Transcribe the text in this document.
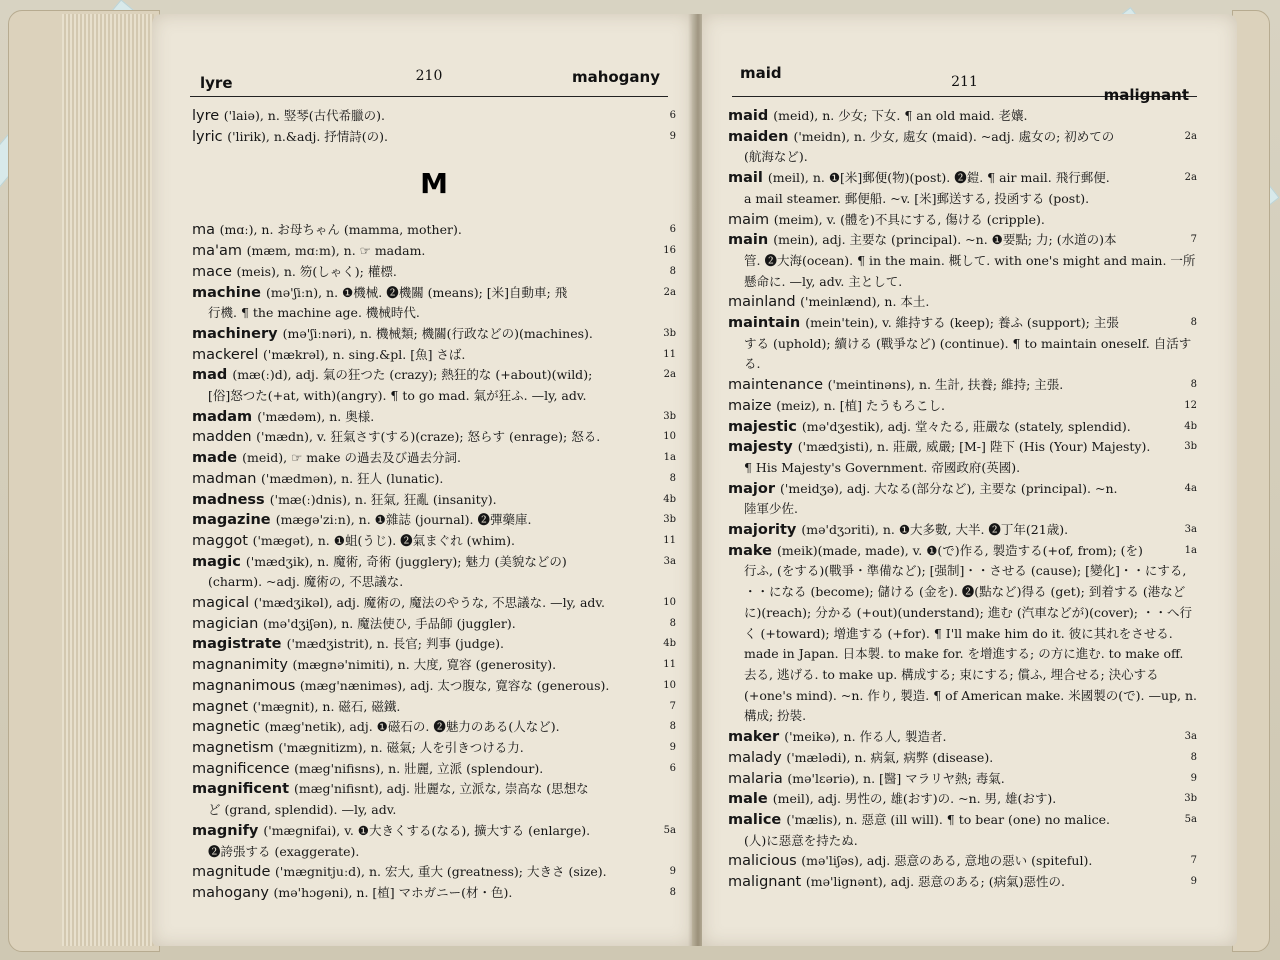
lyre	210	mahogany
lyre ('laiə), n. 竪琴(古代希臘の).	6
lyric ('lirik), n.&adj. 抒情詩(の).	9
M
ma (mɑː), n. お母ちゃん (mamma, mother).	6
ma'am (mæm, mɑːm), n. ☞ madam.	16
mace (meis), n. 笏(しゃく); 權標.	8
machine (mə'ʃiːn), n. ❶機械. ❷機關 (means); [米]自動車; 飛	2a
行機. ¶ the machine age. 機械時代.
machinery (mə'ʃiːnəri), n. 機械類; 機關(行政などの)(machines).	3b
mackerel ('mækrəl), n. sing.&pl. [魚] さば.	11
mad (mæ(ː)d), adj. 氣の狂つた (crazy); 熱狂的な (+about)(wild);	2a
[俗]怒つた(+at, with)(angry). ¶ to go mad. 氣が狂ふ. —ly, adv.
madam ('mædəm), n. 奥様.	3b
madden ('mædn), v. 狂氣さす(する)(craze); 怒らす (enrage); 怒る.	10
made (meid), ☞ make の過去及び過去分詞.	1a
madman ('mædmən), n. 狂人 (lunatic).	8
madness ('mæ(ː)dnis), n. 狂氣, 狂亂 (insanity).	4b
magazine (mægə'ziːn), n. ❶雜誌 (journal). ❷彈藥庫.	3b
maggot ('mægət), n. ❶蛆(うじ). ❷氣まぐれ (whim).	11
magic ('mædʒik), n. 魔術, 奇術 (jugglery); 魅力 (美貌などの)	3a
(charm). ~adj. 魔術の, 不思議な.
magical ('mædʒikəl), adj. 魔術の, 魔法のやうな, 不思議な. —ly, adv.	10
magician (mə'dʒiʃən), n. 魔法使ひ, 手品師 (juggler).	8
magistrate ('mædʒistrit), n. 長官; 判事 (judge).	4b
magnanimity (mægnə'nimiti), n. 大度, 寛容 (generosity).	11
magnanimous (mæg'næniməs), adj. 太つ腹な, 寛容な (generous).	10
magnet ('mægnit), n. 磁石, 磁鐵.	7
magnetic (mæg'netik), adj. ❶磁石の. ❷魅力のある(人など).	8
magnetism ('mægnitizm), n. 磁氣; 人を引きつける力.	9
magnificence (mæg'nifisns), n. 壯麗, 立派 (splendour).	6
magnificent (mæg'nifisnt), adj. 壯麗な, 立派な, 崇高な (思想な
ど (grand, splendid). —ly, adv.
magnify ('mægnifai), v. ❶大きくする(なる), 擴大する (enlarge).	5a
❷誇張する (exaggerate).
magnitude ('mægnitjuːd), n. 宏大, 重大 (greatness); 大きさ (size).	9
mahogany (mə'hɔgəni), n. [植] マホガニー(材・色).	8
maid	211
malignant
maid (meid), n. 少女; 下女. ¶ an old maid. 老孃.
maiden ('meidn), n. 少女, 處女 (maid). ~adj. 處女の; 初めての	2a
(航海など).
mail (meil), n. ❶[米]郵便(物)(post). ❷鎧. ¶ air mail. 飛行郵便.	2a
a mail steamer. 郵便船. ~v. [米]郵送する, 投函する (post).
maim (meim), v. (體を)不具にする, 傷ける (cripple).
main (mein), adj. 主要な (principal). ~n. ❶要點; 力; (水道の)本	7
管. ❷大海(ocean). ¶ in the main. 概して. with one's might and main. 一所懸命に. —ly, adv. 主として.
mainland ('meinlænd), n. 本土.
maintain (mein'tein), v. 維持する (keep); 養ふ (support); 主張	8
する (uphold); 續ける (戰爭など) (continue). ¶ to maintain oneself. 自活する.
maintenance ('meintinəns), n. 生計, 扶養; 維持; 主張.	8
maize (meiz), n. [植] たうもろこし.	12
majestic (mə'dʒestik), adj. 堂々たる, 莊嚴な (stately, splendid).	4b
majesty ('mædʒisti), n. 莊嚴, 威嚴; [M-] 陛下 (His (Your) Majesty).	3b
¶ His Majesty's Government. 帝國政府(英國).
major ('meidʒə), adj. 大なる(部分など), 主要な (principal). ~n.	4a
陸軍少佐.
majority (mə'dʒɔriti), n. ❶大多數, 大半. ❷丁年(21歳).	3a
make (meik)(made, made), v. ❶(で)作る, 製造する(+of, from); (を)	1a
行ふ, (をする)(戰爭・準備など); [强制]・・させる (cause); [變化]・・にする, ・・になる (become); 儲ける (金を). ❷(點など)得る (get); 到着する (港などに)(reach); 分かる (+out)(understand); 進む (汽車などが)(cover); ・・へ行く (+toward); 增進する (+for). ¶ I'll make him do it. 彼に其れをさせる. made in Japan. 日本製. to make for. を增進する; の方に進む. to make off. 去る, 逃げる. to make up. 構成する; 束にする; 償ふ, 埋合せる; 決心する (+one's mind). ~n. 作り, 製造. ¶ of American make. 米國製の(で). —up, n. 構成; 扮裝.
maker ('meikə), n. 作る人, 製造者.	3a
malady ('mælədi), n. 病氣, 病弊 (disease).	8
malaria (mə'lɛəriə), n. [醫] マラリヤ熱; 毒氣.	9
male (meil), adj. 男性の, 雄(おす)の. ~n. 男, 雄(おす).	3b
malice ('mælis), n. 惡意 (ill will). ¶ to bear (one) no malice.	5a
(人)に惡意を持たぬ.
malicious (mə'liʃəs), adj. 惡意のある, 意地の惡い (spiteful).	7
malignant (mə'lignənt), adj. 惡意のある; (病氣)惡性の.	9
